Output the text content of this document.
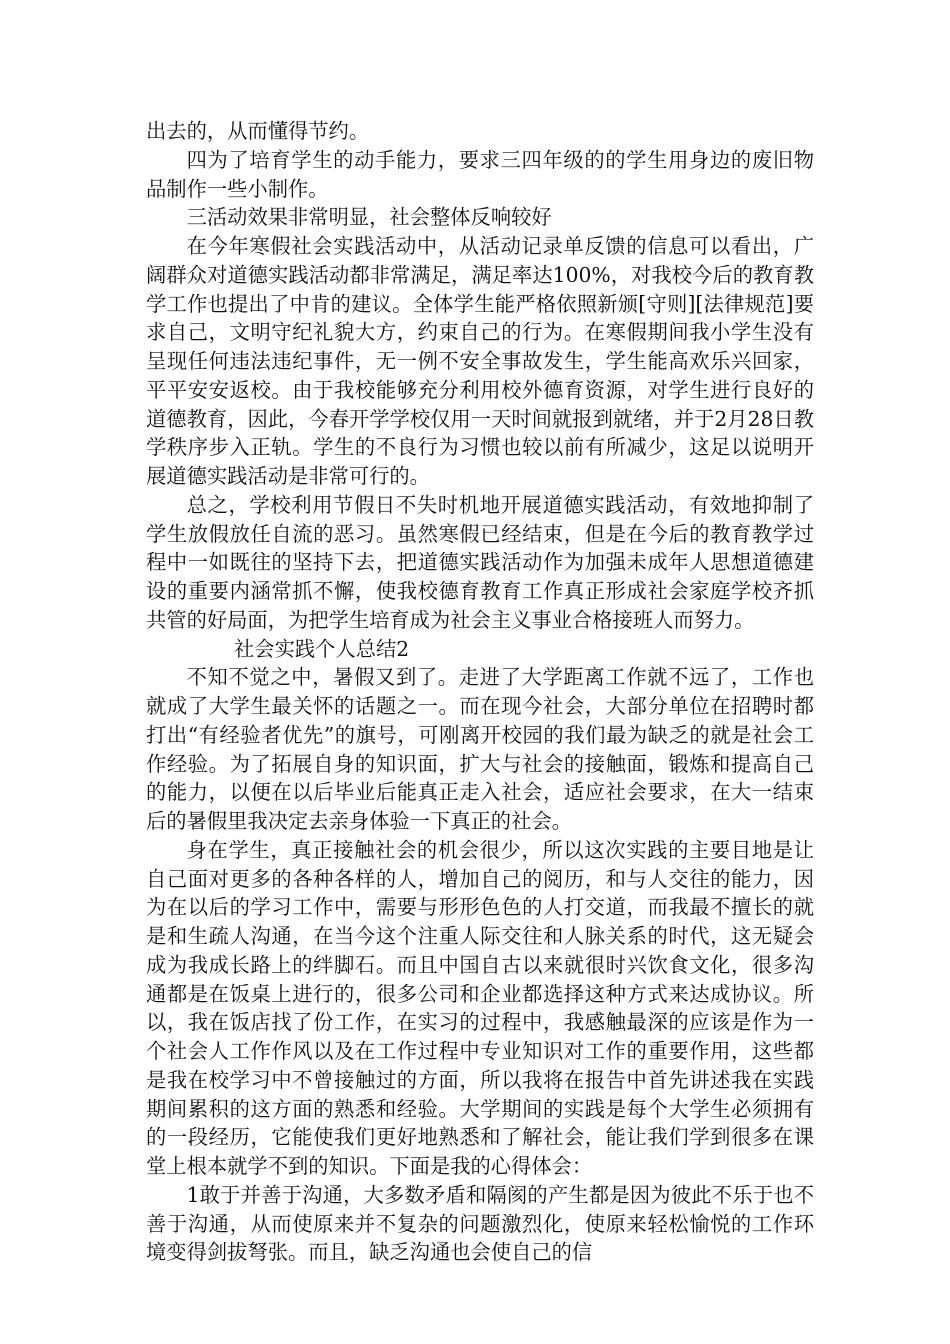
出去的，从而懂得节约。

四为了培育学生的动手能力，要求三四年级的的学生用身边的废旧物品制作一些小制作。

三活动效果非常明显，社会整体反响较好

在今年寒假社会实践活动中，从活动记录单反馈的信息可以看出，广阔群众对道德实践活动都非常满足，满足率达100%，对我校今后的教育教学工作也提出了中肯的建议。全体学生能严格依照新颁[守则][法律规范]要求自己，文明守纪礼貌大方，约束自己的行为。在寒假期间我小学生没有呈现任何违法违纪事件，无一例不安全事故发生，学生能高欢乐兴回家，平平安安返校。由于我校能够充分利用校外德育资源，对学生进行良好的道德教育，因此，今春开学学校仅用一天时间就报到就绪，并于2月28日教学秩序步入正轨。学生的不良行为习惯也较以前有所减少，这足以说明开展道德实践活动是非常可行的。

总之，学校利用节假日不失时机地开展道德实践活动，有效地抑制了学生放假放任自流的恶习。虽然寒假已经结束，但是在今后的教育教学过程中一如既往的坚持下去，把道德实践活动作为加强未成年人思想道德建设的重要内涵常抓不懈，使我校德育教育工作真正形成社会家庭学校齐抓共管的好局面，为把学生培育成为社会主义事业合格接班人而努力。

社会实践个人总结2

不知不觉之中，暑假又到了。走进了大学距离工作就不远了，工作也就成了大学生最关怀的话题之一。而在现今社会，大部分单位在招聘时都打出“有经验者优先”的旗号，可刚离开校园的我们最为缺乏的就是社会工作经验。为了拓展自身的知识面，扩大与社会的接触面，锻炼和提高自己的能力，以便在以后毕业后能真正走入社会，适应社会要求，在大一结束后的暑假里我决定去亲身体验一下真正的社会。

身在学生，真正接触社会的机会很少，所以这次实践的主要目地是让自己面对更多的各种各样的人，增加自己的阅历，和与人交往的能力，因为在以后的学习工作中，需要与形形色色的人打交道，而我最不擅长的就是和生疏人沟通，在当今这个注重人际交往和人脉关系的时代，这无疑会成为我成长路上的绊脚石。而且中国自古以来就很时兴饮食文化，很多沟通都是在饭桌上进行的，很多公司和企业都选择这种方式来达成协议。所以，我在饭店找了份工作，在实习的过程中，我感触最深的应该是作为一个社会人工作作风以及在工作过程中专业知识对工作的重要作用，这些都是我在校学习中不曾接触过的方面，所以我将在报告中首先讲述我在实践期间累积的这方面的熟悉和经验。大学期间的实践是每个大学生必须拥有的一段经历，它能使我们更好地熟悉和了解社会，能让我们学到很多在课堂上根本就学不到的知识。下面是我的心得体会：

1敢于并善于沟通，大多数矛盾和隔阂的产生都是因为彼此不乐于也不善于沟通，从而使原来并不复杂的问题激烈化，使原来轻松愉悦的工作环境变得剑拔弩张。而且，缺乏沟通也会使自己的信
